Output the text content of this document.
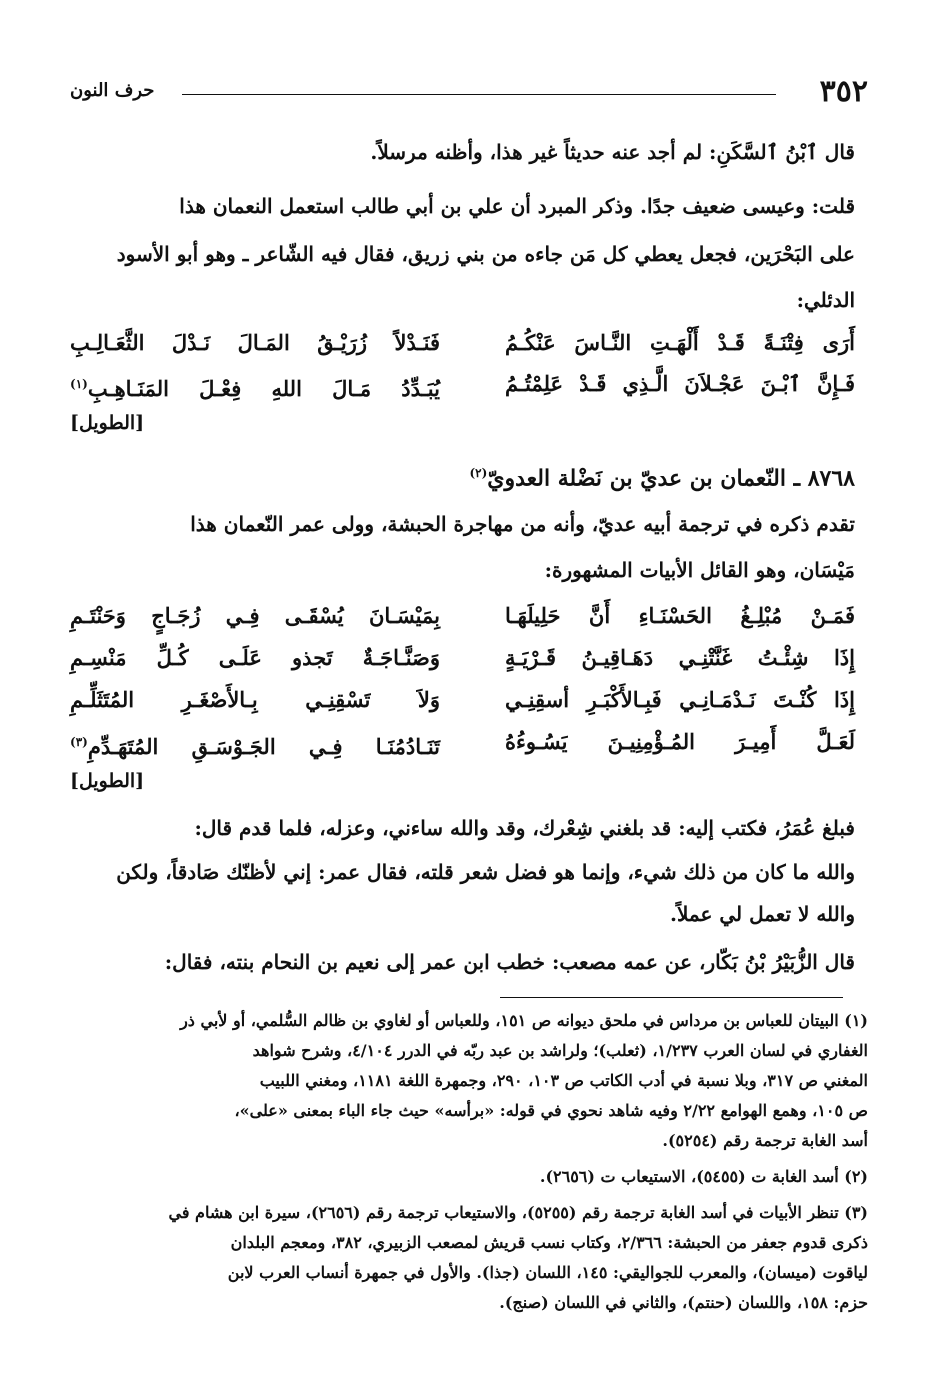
٣٥٢
حرف النون
قال ٱبْنُ ٱلسَّكَنِ: لم أجد عنه حديثاً غير هذا، وأظنه مرسلاً.
قلت: وعيسى ضعيف جدًا. وذكر المبرد أن علي بن أبي طالب استعمل النعمان هذا
على البَحْرَين، فجعل يعطي كل مَن جاءه من بني زريق، فقال فيه الشّاعر ـ وهو أبو الأسود
الدئلي:
أَرَى فِتْنَـةً قَـدْ أَلْهَـتِ النَّـاسَ عَنْكُـمُ
فَنَـدْلاً زُرَيْـقُ المَـالَ نَـدْلَ الثَّعَـالِـبِ
فَـإِنَّ ٱبْـنَ عَجْـلاَنَ الَّـذِي قَـدْ عَلِمْتُـمُ
يُبَـدِّدُ مَـالَ اللهِ فِعْـلَ المَنَـاهِـبِ$^{(١)}$
[الطويل]
٨٧٦٨ ـ النّعمان بن عديّ بن نَضْلة العدويّ$^{(٢)}$
تقدم ذكره في ترجمة أبيه عديّ، وأنه من مهاجرة الحبشة، وولى عمر النّعمان هذا
مَيْسَان، وهو القائل الأبيات المشهورة:
فَمَـنْ مُبْلِـغُ الحَسْنَـاءِ أَنَّ حَلِيلَهَـا
بِمَيْسَـانَ يُسْقَـى فِـي زُجَـاجٍ وَحَنْتَـمِ
إِذَا شِئْـتُ غَنَّتْنِـي دَهَـاقِيـنُ قَـرْيَـةٍ
وَصَنَّـاجَـةٌ تَجذو عَلَـى كُـلِّ مَنْسِـمِ
إِذَا كُنْـتَ نَـدْمَـانِـي فَبِـالأَكْبَـرِ أسقِنِـي
وَلاَ تَسْقِنِـي بِـالأَصْغَـرِ المُتَثَلِّـمِ
لَعَـلَّ أَمِيـرَ المُـؤْمِنِيـنَ يَسُـوءُهُ
تَنَـادُمُنَـا فِـي الجَـوْسَـقِ المُتَهَـدِّمِ$^{(٣)}$
[الطويل]
فبلغ عُمَرُ، فكتب إليه: قد بلغني شِعْرك، وقد والله ساءني، وعزله، فلما قدم قال:
والله ما كان من ذلك شيء، وإنما هو فضل شعر قلته، فقال عمر: إني لأظنّك صَادقاً، ولكن
والله لا تعمل لي عملاً.
قال الزُّبَيْرُ بْنُ بَكّار، عن عمه مصعب: خطب ابن عمر إلى نعيم بن النحام بنته، فقال:
(١) البيتان للعباس بن مرداس في ملحق ديوانه ص ١٥١، وللعباس أو لغاوي بن ظالم السُّلمي، أو لأبي ذر
الغفاري في لسان العرب ١/٢٣٧، (ثعلب)؛ ولراشد بن عبد ربّه في الدرر ٤/١٠٤، وشرح شواهد
المغني ص ٣١٧، وبلا نسبة في أدب الكاتب ص ١٠٣، ٢٩٠، وجمهرة اللغة ١١٨١، ومغني اللبيب
ص ١٠٥، وهمع الهوامع ٢/٢٢ وفيه شاهد نحوي في قوله: «برأسه» حيث جاء الباء بمعنى «على»،
أسد الغابة ترجمة رقم (٥٢٥٤).
(٢) أسد الغابة ت (٥٤٥٥)، الاستيعاب ت (٢٦٥٦).
(٣) تنظر الأبيات في أسد الغابة ترجمة رقم (٥٢٥٥)، والاستيعاب ترجمة رقم (٢٦٥٦)، سيرة ابن هشام في
ذكرى قدوم جعفر من الحبشة: ٢/٣٦٦، وكتاب نسب قريش لمصعب الزبيري، ٣٨٢، ومعجم البلدان
لياقوت (ميسان)، والمعرب للجواليقي: ١٤٥، اللسان (جذا). والأول في جمهرة أنساب العرب لابن
حزم: ١٥٨، واللسان (حنتم)، والثاني في اللسان (صنج).
